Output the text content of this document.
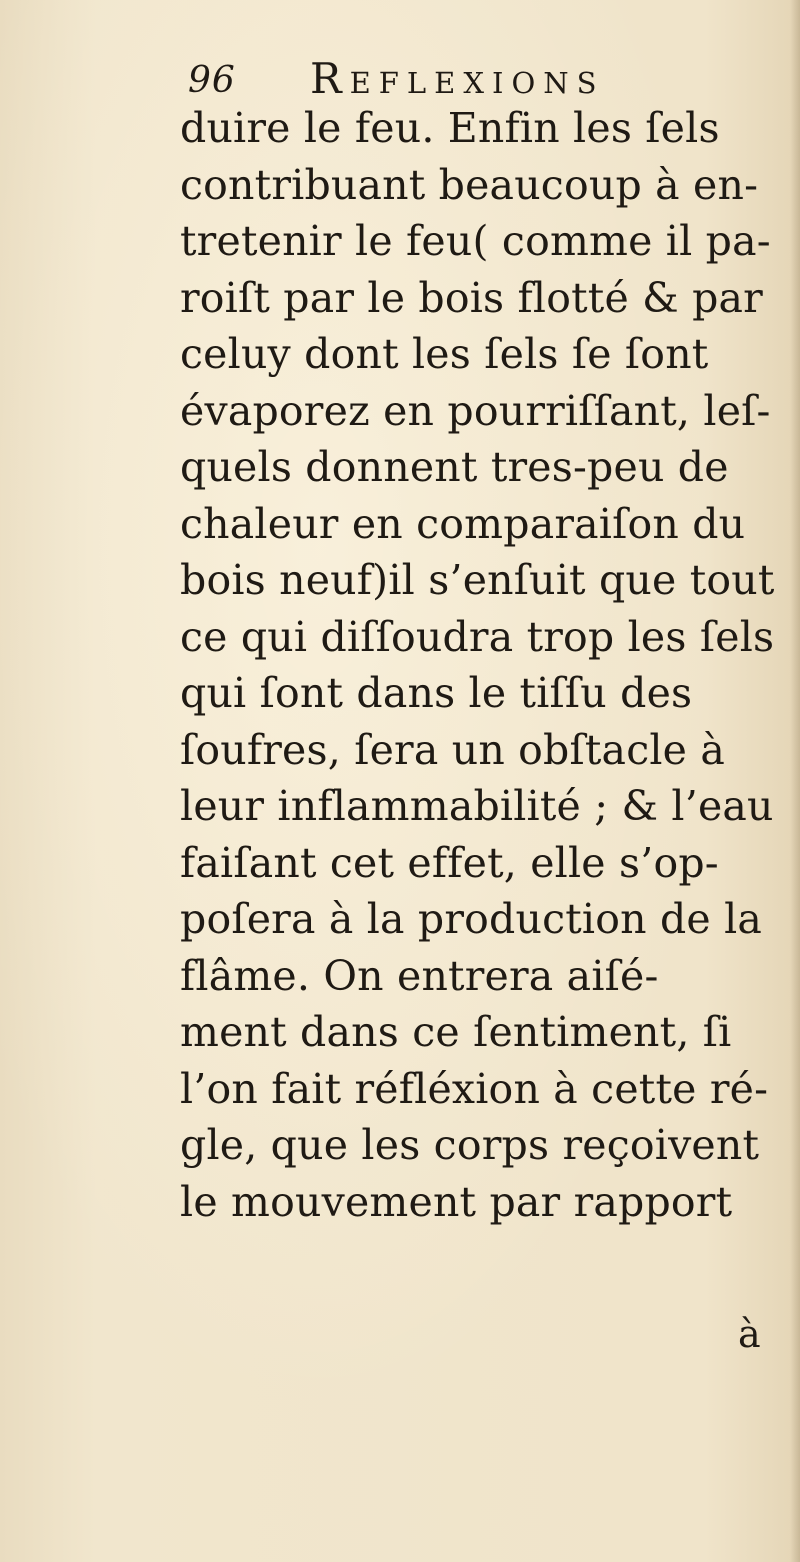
96 Reflexions
duire le feu. Enfin les ſels
contribuant beaucoup à en-
tretenir le feu( comme il pa-
roiſt par le bois flotté & par
celuy dont les ſels ſe ſont
évaporez en pourriſſant, leſ-
quels donnent tres-peu de
chaleur en comparaiſon du
bois neuf)il s’enſuit que tout
ce qui diſſoudra trop les ſels
qui ſont dans le tiſſu des
ſoufres, ſera un obſtacle à
leur inflammabilité ; & l’eau
faiſant cet effet, elle s’op-
poſera à la production de la
flâme. On entrera aiſé-
ment dans ce ſentiment, ſi
l’on fait réfléxion à cette ré-
gle, que les corps reçoivent
le mouvement par rapport
à
